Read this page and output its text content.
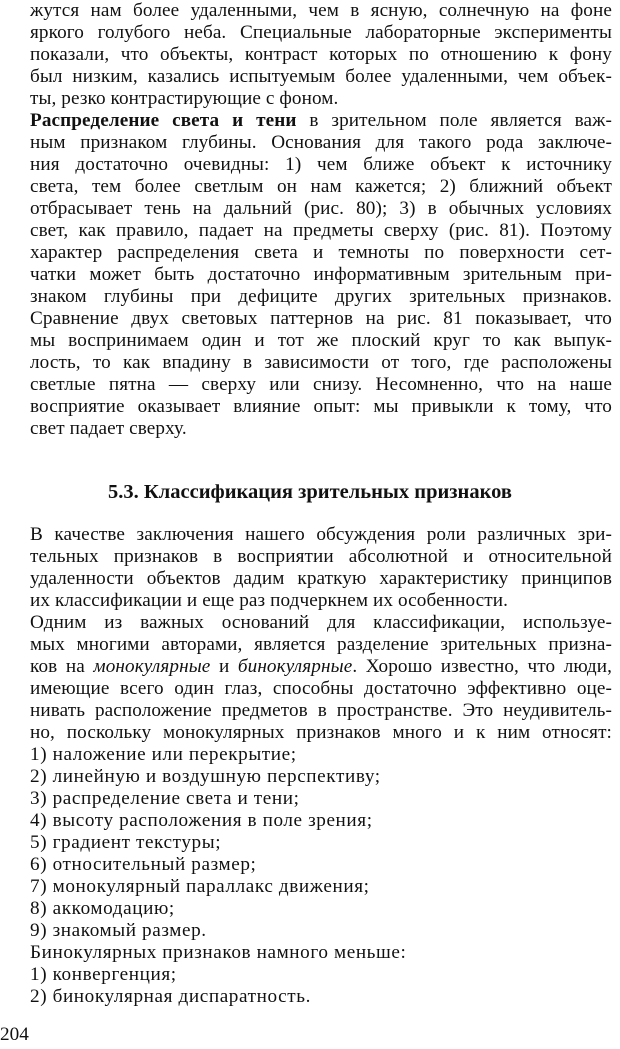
жутся нам более удаленными, чем в ясную, солнечную на фоне
яркого голубого неба. Специальные лабораторные эксперименты
показали, что объекты, контраст которых по отношению к фону
был низким, казались испытуемым более удаленными, чем объек-
ты, резко контрастирующие с фоном.
Распределение света и тени в зрительном поле является важ-
ным признаком глубины. Основания для такого рода заключе-
ния достаточно очевидны: 1) чем ближе объект к источнику
света, тем более светлым он нам кажется; 2) ближний объект
отбрасывает тень на дальний (рис. 80); 3) в обычных условиях
свет, как правило, падает на предметы сверху (рис. 81). Поэтому
характер распределения света и темноты по поверхности сет-
чатки может быть достаточно информативным зрительным при-
знаком глубины при дефиците других зрительных признаков.
Сравнение двух световых паттернов на рис. 81 показывает, что
мы воспринимаем один и тот же плоский круг то как выпук-
лость, то как впадину в зависимости от того, где расположены
светлые пятна — сверху или снизу. Несомненно, что на наше
восприятие оказывает влияние опыт: мы привыкли к тому, что
свет падает сверху.
5.3. Классификация зрительных признаков
В качестве заключения нашего обсуждения роли различных зри-
тельных признаков в восприятии абсолютной и относительной
удаленности объектов дадим краткую характеристику принципов
их классификации и еще раз подчеркнем их особенности.
Одним из важных оснований для классификации, используе-
мых многими авторами, является разделение зрительных призна-
ков на монокулярные и бинокулярные. Хорошо известно, что люди,
имеющие всего один глаз, способны достаточно эффективно оце-
нивать расположение предметов в пространстве. Это неудивитель-
но, поскольку монокулярных признаков много и к ним относят:
1) наложение или перекрытие;
2) линейную и воздушную перспективу;
3) распределение света и тени;
4) высоту расположения в поле зрения;
5) градиент текстуры;
6) относительный размер;
7) монокулярный параллакс движения;
8) аккомодацию;
9) знакомый размер.
Бинокулярных признаков намного меньше:
1) конвергенция;
2) бинокулярная диспаратность.
204
